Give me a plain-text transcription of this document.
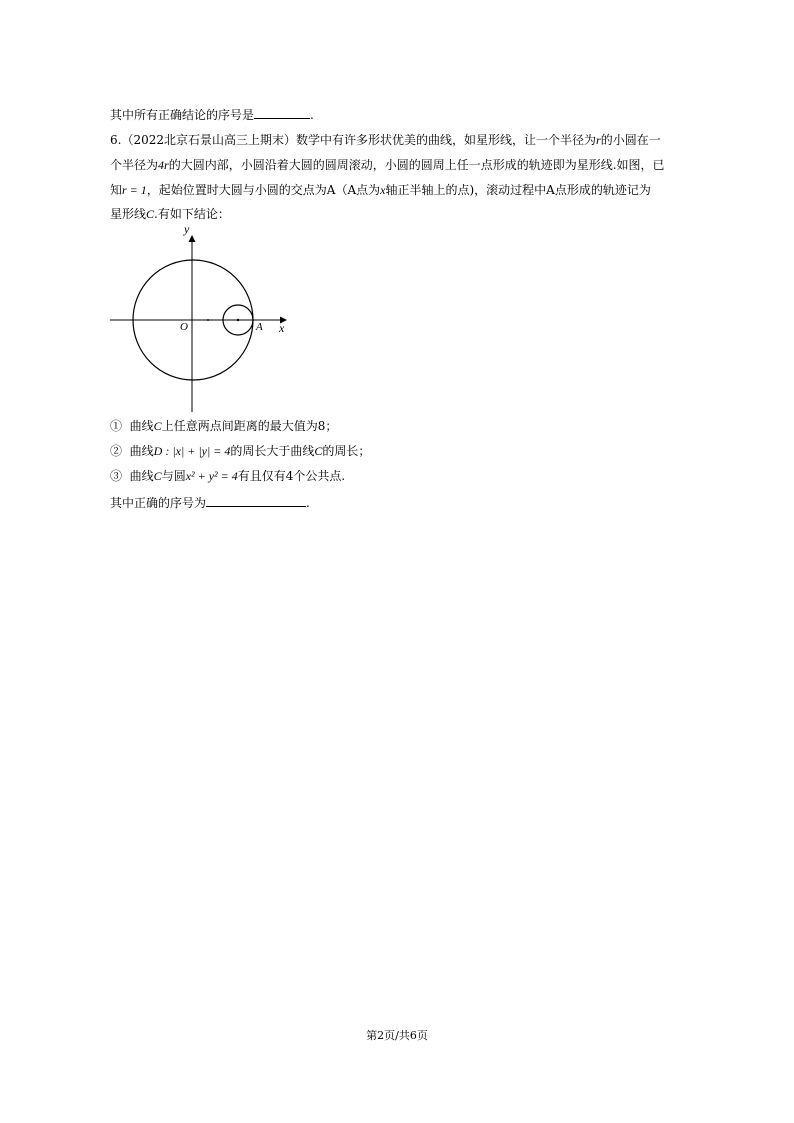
其中所有正确结论的序号是	.
6.（2022北京石景山高三上期末）数学中有许多形状优美的曲线，如星形线，让一个半径为r的小圆在一
个半径为4r的大圆内部，小圆沿着大圆的圆周滚动，小圆的圆周上任一点形成的轨迹即为星形线.如图，已
知r = 1，起始位置时大圆与小圆的交点为A（A点为x轴正半轴上的点)，滚动过程中A点形成的轨迹记为
星形线C.有如下结论：
y
x
O	A
① 曲线C上任意两点间距离的最大值为8；
② 曲线D : |x| + |y| = 4的周长大于曲线C的周长；
③ 曲线C与圆x² + y² = 4有且仅有4个公共点.
其中正确的序号为	.
第2页/共6页
